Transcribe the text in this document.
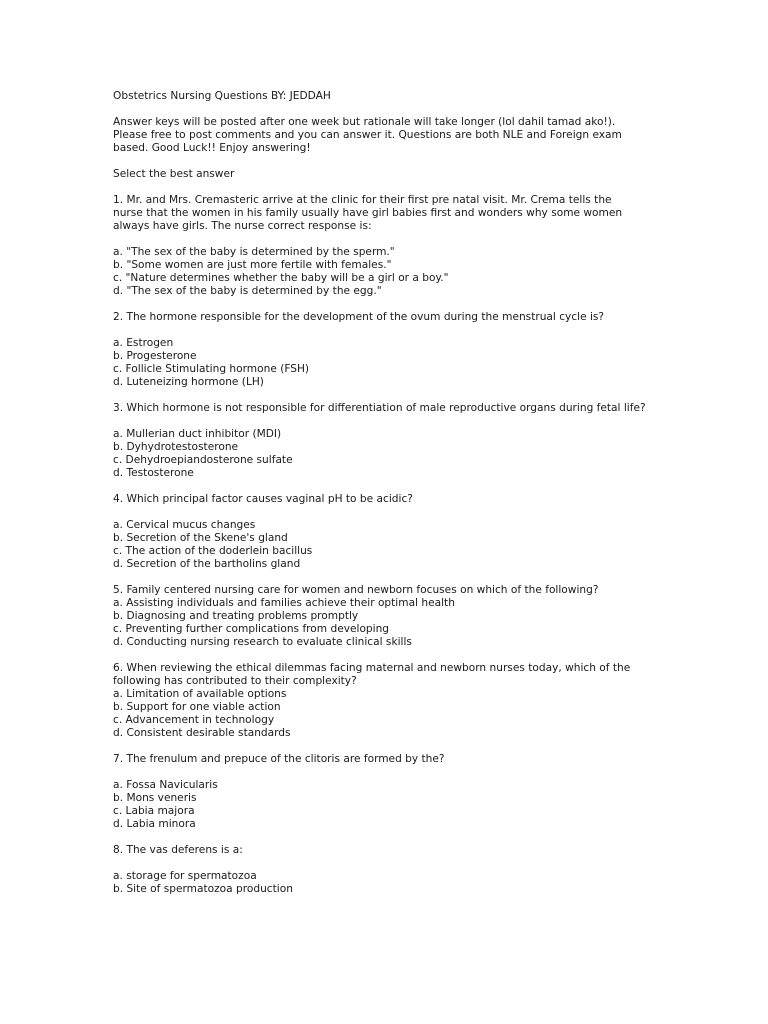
Obstetrics Nursing Questions BY: JEDDAH
Answer keys will be posted after one week but rationale will take longer (lol dahil tamad ako!).
Please free to post comments and you can answer it. Questions are both NLE and Foreign exam
based. Good Luck!! Enjoy answering!
Select the best answer
1. Mr. and Mrs. Cremasteric arrive at the clinic for their first pre natal visit. Mr. Crema tells the
nurse that the women in his family usually have girl babies first and wonders why some women
always have girls. The nurse correct response is:
a. "The sex of the baby is determined by the sperm."
b. "Some women are just more fertile with females."
c. "Nature determines whether the baby will be a girl or a boy."
d. "The sex of the baby is determined by the egg."
2. The hormone responsible for the development of the ovum during the menstrual cycle is?
a. Estrogen
b. Progesterone
c. Follicle Stimulating hormone (FSH)
d. Luteneizing hormone (LH)
3. Which hormone is not responsible for differentiation of male reproductive organs during fetal life?
a. Mullerian duct inhibitor (MDI)
b. Dyhydrotestosterone
c. Dehydroepiandosterone sulfate
d. Testosterone
4. Which principal factor causes vaginal pH to be acidic?
a. Cervical mucus changes
b. Secretion of the Skene's gland
c. The action of the doderlein bacillus
d. Secretion of the bartholins gland
5. Family centered nursing care for women and newborn focuses on which of the following?
a. Assisting individuals and families achieve their optimal health
b. Diagnosing and treating problems promptly
c. Preventing further complications from developing
d. Conducting nursing research to evaluate clinical skills
6. When reviewing the ethical dilemmas facing maternal and newborn nurses today, which of the
following has contributed to their complexity?
a. Limitation of available options
b. Support for one viable action
c. Advancement in technology
d. Consistent desirable standards
7. The frenulum and prepuce of the clitoris are formed by the?
a. Fossa Navicularis
b. Mons veneris
c. Labia majora
d. Labia minora
8. The vas deferens is a:
a. storage for spermatozoa
b. Site of spermatozoa production
